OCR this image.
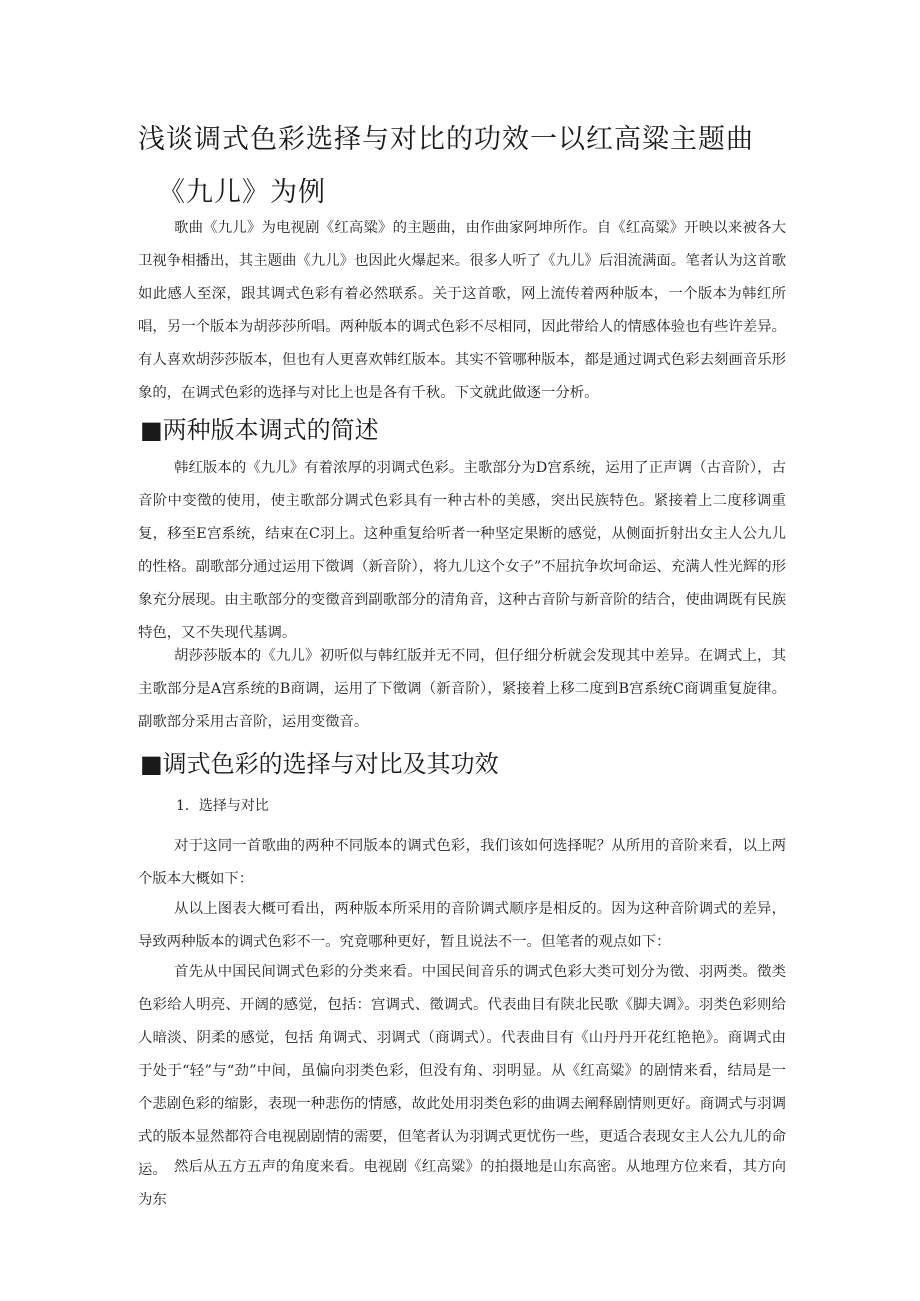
浅谈调式色彩选择与对比的功效一以红高粱主题曲
《九儿》为例

歌曲《九儿》为电视剧《红高粱》的主题曲，由作曲家阿坤所作。自《红高粱》开映以来被各大卫视争相播出，其主题曲《九儿》也因此火爆起来。很多人听了《九儿》后泪流满面。笔者认为这首歌如此感人至深，跟其调式色彩有着必然联系。关于这首歌，网上流传着两种版本，一个版本为韩红所唱，另一个版本为胡莎莎所唱。两种版本的调式色彩不尽相同，因此带给人的情感体验也有些许差异。有人喜欢胡莎莎版本，但也有人更喜欢韩红版本。其实不管哪种版本，都是通过调式色彩去刻画音乐形象的，在调式色彩的选择与对比上也是各有千秋。下文就此做逐一分析。

■两种版本调式的简述

韩红版本的《九儿》有着浓厚的羽调式色彩。主歌部分为D宫系统，运用了正声调（古音阶），古音阶中变徵的使用，使主歌部分调式色彩具有一种古朴的美感，突出民族特色。紧接着上二度移调重复，移至E宫系统，结束在C羽上。这种重复给听者一种坚定果断的感觉，从侧面折射出女主人公九儿的性格。副歌部分通过运用下徵调（新音阶），将九儿这个女子”不屈抗争坎坷命运、充满人性光辉的形象充分展现。由主歌部分的变徵音到副歌部分的清角音，这种古音阶与新音阶的结合，使曲调既有民族特色，又不失现代基调。

胡莎莎版本的《九儿》初听似与韩红版并无不同，但仔细分析就会发现其中差异。在调式上，其主歌部分是A宫系统的B商调，运用了下徵调（新音阶），紧接着上移二度到B宫系统C商调重复旋律。副歌部分采用古音阶，运用变徵音。

■调式色彩的选择与对比及其功效

1．选择与对比

对于这同一首歌曲的两种不同版本的调式色彩，我们该如何选择呢？从所用的音阶来看，以上两个版本大概如下：

从以上图表大概可看出，两种版本所采用的音阶调式顺序是相反的。因为这种音阶调式的差异，导致两种版本的调式色彩不一。究竟哪种更好，暂且说法不一。但笔者的观点如下：

首先从中国民间调式色彩的分类来看。中国民间音乐的调式色彩大类可划分为徵、羽两类。徵类色彩给人明亮、开阔的感觉，包括：宫调式、徵调式。代表曲目有陕北民歌《脚夫调》。羽类色彩则给人暗淡、阴柔的感觉，包括 角调式、羽调式（商调式）。代表曲目有《山丹丹开花红艳艳》。商调式由于处于“轻”与“劲”中间，虽偏向羽类色彩，但没有角、羽明显。从《红高粱》的剧情来看，结局是一个悲剧色彩的缩影，表现一种悲伤的情感，故此处用羽类色彩的曲调去阐释剧情则更好。商调式与羽调式的版本显然都符合电视剧剧情的需要，但笔者认为羽调式更忧伤一些，更适合表现女主人公九儿的命运。 然后从五方五声的角度来看。电视剧《红高粱》的拍摄地是山东高密。从地理方位来看，其方向为东
